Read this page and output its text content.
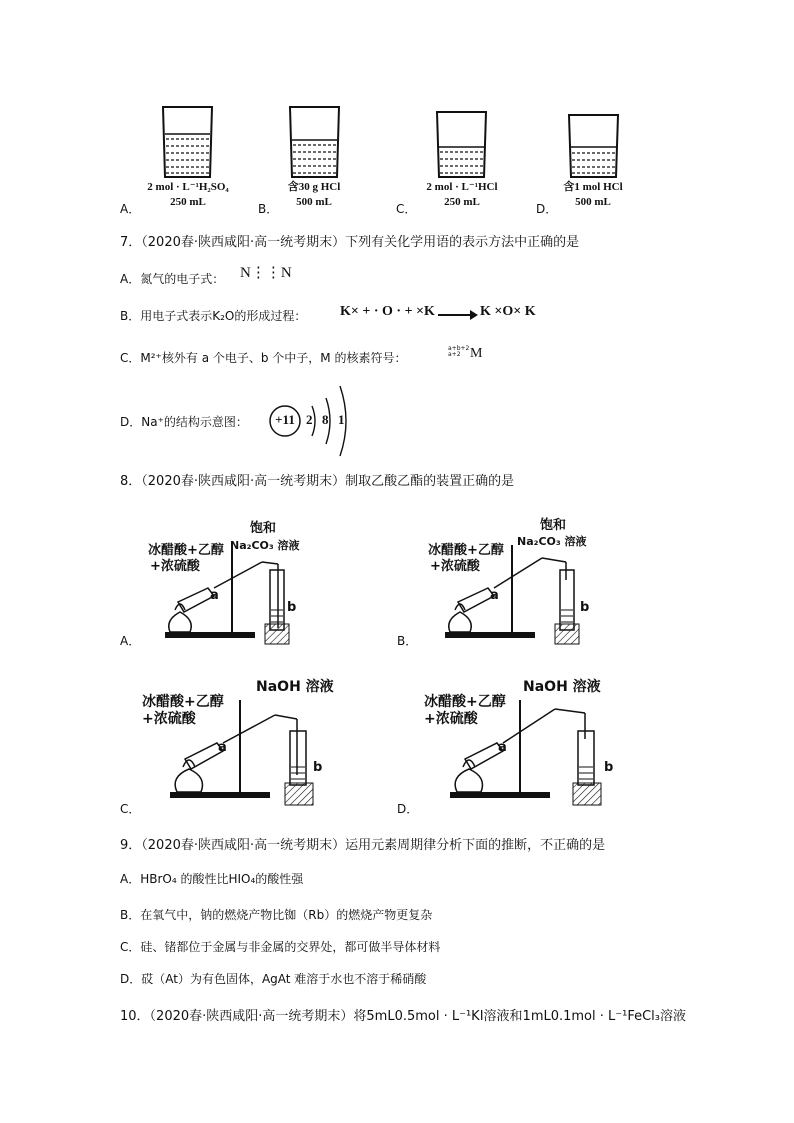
2 mol · L⁻¹H₂SO₄
250 mL
A．
含30 g HCl
500 mL
B．
2 mol · L⁻¹HCl
250 mL
C．
含1 mol HCl
500 mL
D．
7．（2020春·陕西咸阳·高一统考期末）下列有关化学用语的表示方法中正确的是
A．氮气的电子式： N⋮⋮N
B．用电子式表示K₂O的形成过程： K× + · O · + ×K	K ×O× K
C．M²⁺核外有 a 个电子、b 个中子，M 的核素符号：
a+b+2
a+2 M
D．Na⁺的结构示意图： +11 2 8 1
8．（2020春·陕西咸阳·高一统考期末）制取乙酸乙酯的装置正确的是
冰醋酸+乙醇
+浓硫酸
饱和
Na₂CO₃ 溶液
a
b
A．
冰醋酸+乙醇
+浓硫酸
饱和
Na₂CO₃ 溶液
a
b
B．
冰醋酸+乙醇
+浓硫酸
NaOH 溶液
a
b
C．
冰醋酸+乙醇
+浓硫酸
NaOH 溶液
a
b
D．
9．（2020春·陕西咸阳·高一统考期末）运用元素周期律分析下面的推断，不正确的是
A．HBrO₄ 的酸性比HIO₄的酸性强
B．在氧气中，钠的燃烧产物比铷（Rb）的燃烧产物更复杂
C．硅、锗都位于金属与非金属的交界处，都可做半导体材料
D．砹（At）为有色固体，AgAt 难溶于水也不溶于稀硝酸
10．（2020春·陕西咸阳·高一统考期末）将5mL0.5mol · L⁻¹KI溶液和1mL0.1mol · L⁻¹FeCl₃溶液
